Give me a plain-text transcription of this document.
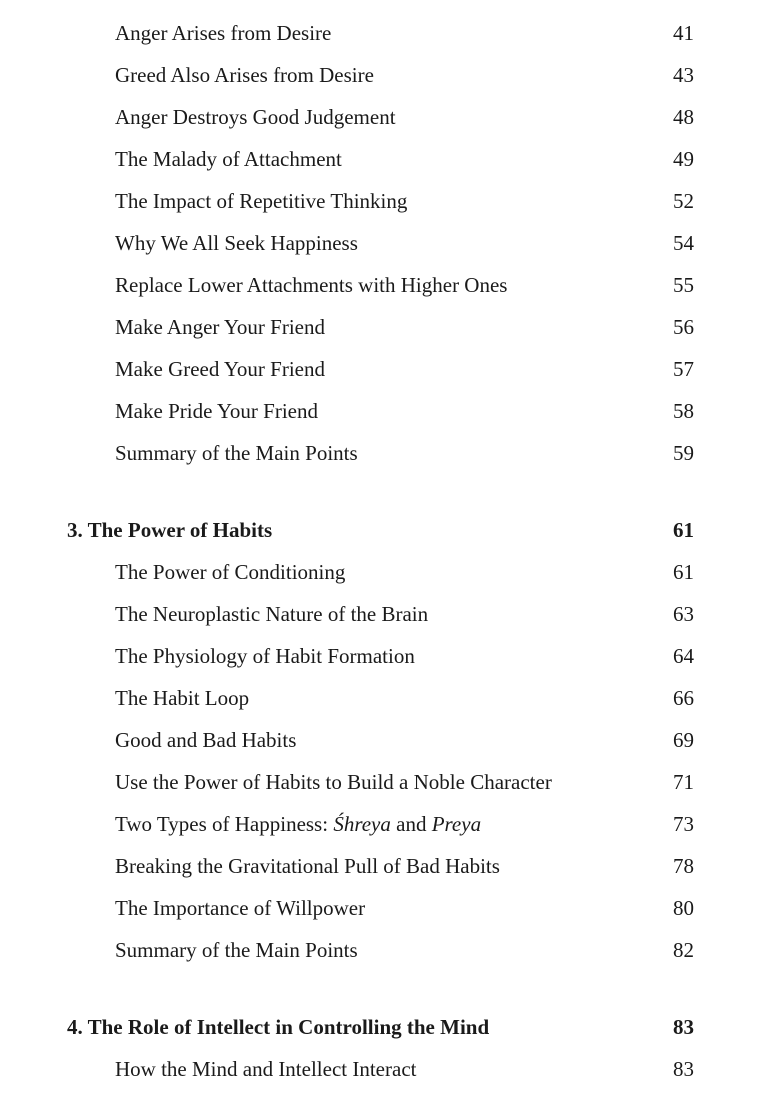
Anger Arises from Desire	41
Greed Also Arises from Desire	43
Anger Destroys Good Judgement	48
The Malady of Attachment	49
The Impact of Repetitive Thinking	52
Why We All Seek Happiness	54
Replace Lower Attachments with Higher Ones	55
Make Anger Your Friend	56
Make Greed Your Friend	57
Make Pride Your Friend	58
Summary of the Main Points	59
3. The Power of Habits	61
The Power of Conditioning	61
The Neuroplastic Nature of the Brain	63
The Physiology of Habit Formation	64
The Habit Loop	66
Good and Bad Habits	69
Use the Power of Habits to Build a Noble Character	71
Two Types of Happiness: Śhreya and Preya	73
Breaking the Gravitational Pull of Bad Habits	78
The Importance of Willpower	80
Summary of the Main Points	82
4. The Role of Intellect in Controlling the Mind	83
How the Mind and Intellect Interact	83
